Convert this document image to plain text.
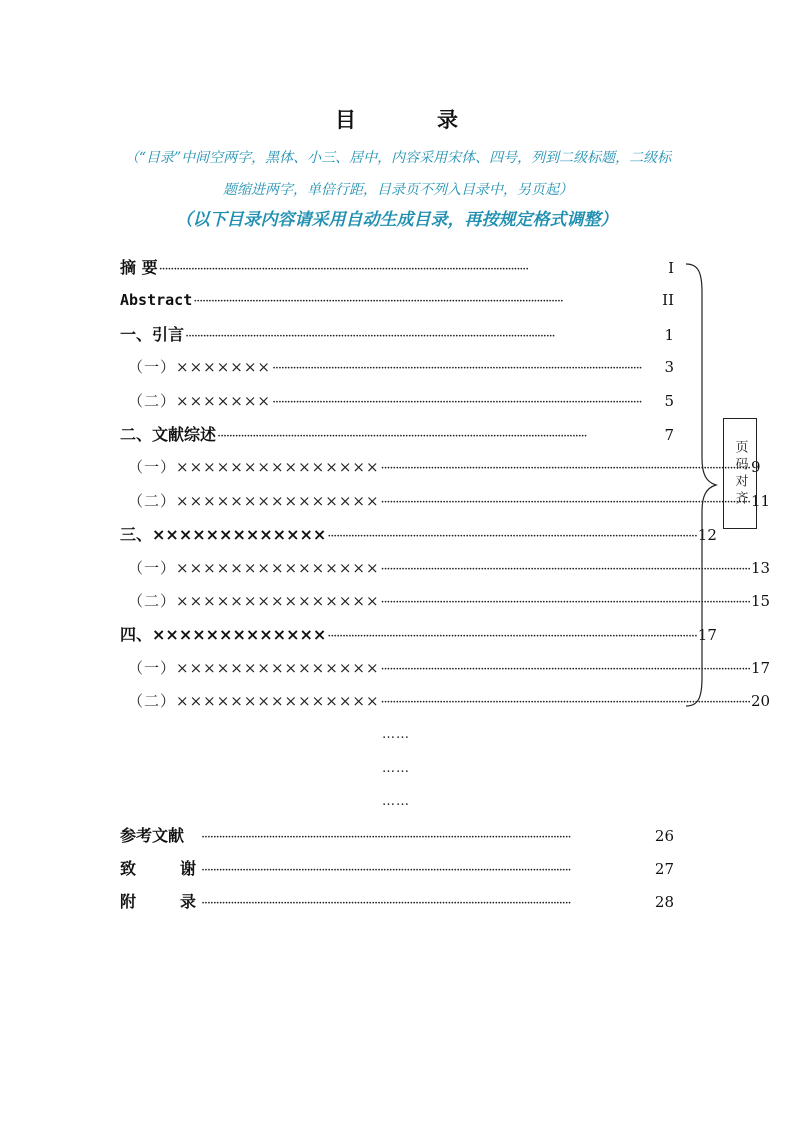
目　录
（“目录”中间空两字，黑体、小三、居中，内容采用宋体、四号，列到二级标题，二级标题缩进两字，单倍行距，目录页不列入目录中，另页起）
（以下目录内容请采用自动生成目录，再按规定格式调整）
摘 要 ······························································································································	I
Abstract ······························································································································	II
一、引言 ······························································································································	1
（一）××××××× ······························································································································	3
（二）××××××× ······························································································································	5
二、文献综述 ······························································································································	7
（一）××××××××××××××× ······························································································································ 9
（二）××××××××××××××× ······························································································································ 11
三、××××××××××××× ······························································································································ 12
（一）××××××××××××××× ······························································································································ 13
（二）××××××××××××××× ······························································································································ 15
四、××××××××××××× ······························································································································ 17
（一）××××××××××××××× ······························································································································ 17
（二）××××××××××××××× ······························································································································ 20
……
……
……
参考文献	······························································································································	26
致	谢 ······························································································································	27
附	录 ······························································································································	28
页码对齐
